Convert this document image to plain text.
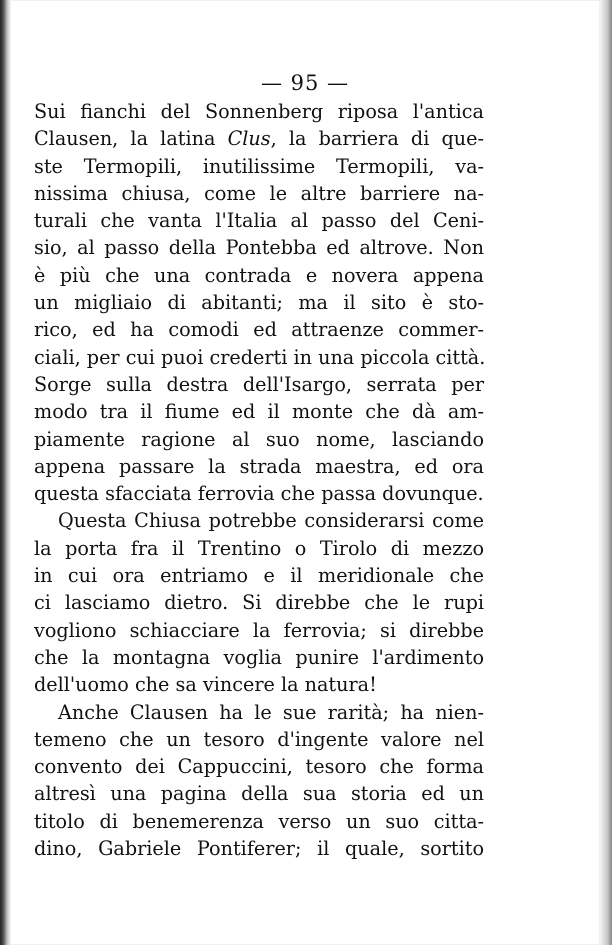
— 95 —
Sui fianchi del Sonnenberg riposa l'antica
Clausen, la latina Clus, la barriera di que-
ste Termopili, inutilissime Termopili, va-
nissima chiusa, come le altre barriere na-
turali che vanta l'Italia al passo del Ceni-
sio, al passo della Pontebba ed altrove. Non
è più che una contrada e novera appena
un migliaio di abitanti; ma il sito è sto-
rico, ed ha comodi ed attraenze commer-
ciali, per cui puoi crederti in una piccola città.
Sorge sulla destra dell'Isargo, serrata per
modo tra il fiume ed il monte che dà am-
piamente ragione al suo nome, lasciando
appena passare la strada maestra, ed ora
questa sfacciata ferrovia che passa dovunque.
Questa Chiusa potrebbe considerarsi come
la porta fra il Trentino o Tirolo di mezzo
in cui ora entriamo e il meridionale che
ci lasciamo dietro. Si direbbe che le rupi
vogliono schiacciare la ferrovia; si direbbe
che la montagna voglia punire l'ardimento
dell'uomo che sa vincere la natura!
Anche Clausen ha le sue rarità; ha nien-
temeno che un tesoro d'ingente valore nel
convento dei Cappuccini, tesoro che forma
altresì una pagina della sua storia ed un
titolo di benemerenza verso un suo citta-
dino, Gabriele Pontiferer; il quale, sortito
